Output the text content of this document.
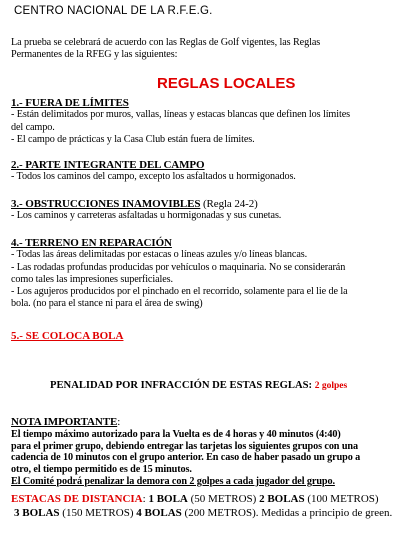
CENTRO NACIONAL DE LA R.F.E.G.
La prueba se celebrará de acuerdo con las Reglas de Golf vigentes, las Reglas
Permanentes de la RFEG y las siguientes:
REGLAS LOCALES
1.- FUERA DE LÍMITES
- Están delimitados por muros, vallas, líneas y estacas blancas que definen los límites
del campo.
- El campo de prácticas y la Casa Club están fuera de límites.
2.- PARTE INTEGRANTE DEL CAMPO
- Todos los caminos del campo, excepto los asfaltados u hormigonados.
3.- OBSTRUCCIONES INAMOVIBLES (Regla 24-2)
- Los caminos y carreteras asfaltadas u hormigonadas y sus cunetas.
4.- TERRENO EN REPARACIÓN
- Todas las áreas delimitadas por estacas o líneas azules y/o líneas blancas.
- Las rodadas profundas producidas por vehículos o maquinaria. No se considerarán
como tales las impresiones superficiales.
- Los agujeros producidos por el pinchado en el recorrido, solamente para el lie de la
bola. (no para el stance ni para el área de swing)
5.- SE COLOCA BOLA
PENALIDAD POR INFRACCIÓN DE ESTAS REGLAS: 2 golpes
NOTA IMPORTANTE:
El tiempo máximo autorizado para la Vuelta es de 4 horas y 40 minutos (4:40)
para el primer grupo, debiendo entregar las tarjetas los siguientes grupos con una
cadencia de 10 minutos con el grupo anterior. En caso de haber pasado un grupo a
otro, el tiempo permitido es de 15 minutos.
El Comité podrá penalizar la demora con 2 golpes a cada jugador del grupo.
ESTACAS DE DISTANCIA: 1 BOLA (50 METROS) 2 BOLAS (100 METROS)
3 BOLAS (150 METROS) 4 BOLAS (200 METROS). Medidas a principio de green.
